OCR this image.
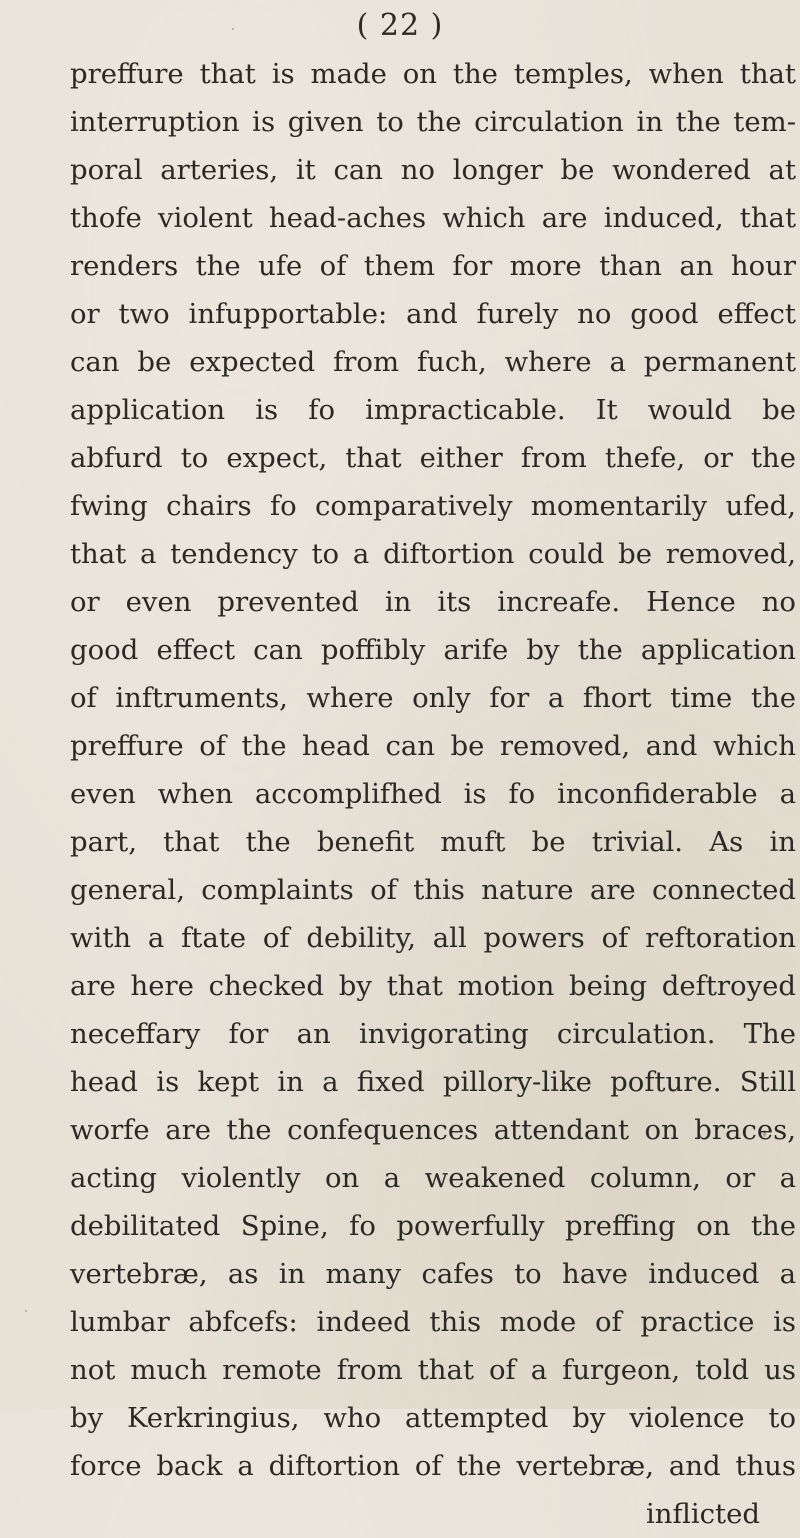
( 22 )
preffure that is made on the temples, when that
interruption is given to the circulation in the tem-
poral arteries, it can no longer be wondered at
thofe violent head-aches which are induced, that
renders the ufe of them for more than an hour
or two infupportable: and furely no good effect
can be expected from fuch, where a permanent
application is fo impracticable. It would be
abfurd to expect, that either from thefe, or the
fwing chairs fo comparatively momentarily ufed,
that a tendency to a diftortion could be removed,
or even prevented in its increafe. Hence no
good effect can poffibly arife by the application
of inftruments, where only for a fhort time the
preffure of the head can be removed, and which
even when accomplifhed is fo inconfiderable a
part, that the benefit muft be trivial. As in
general, complaints of this nature are connected
with a ftate of debility, all powers of reftoration
are here checked by that motion being deftroyed
neceffary for an invigorating circulation. The
head is kept in a fixed pillory-like pofture. Still
worfe are the confequences attendant on braces,
acting violently on a weakened column, or a
debilitated Spine, fo powerfully preffing on the
vertebræ, as in many cafes to have induced a
lumbar abfcefs: indeed this mode of practice is
not much remote from that of a furgeon, told us
by Kerkringius, who attempted by violence to
force back a diftortion of the vertebræ, and thus
inflicted
